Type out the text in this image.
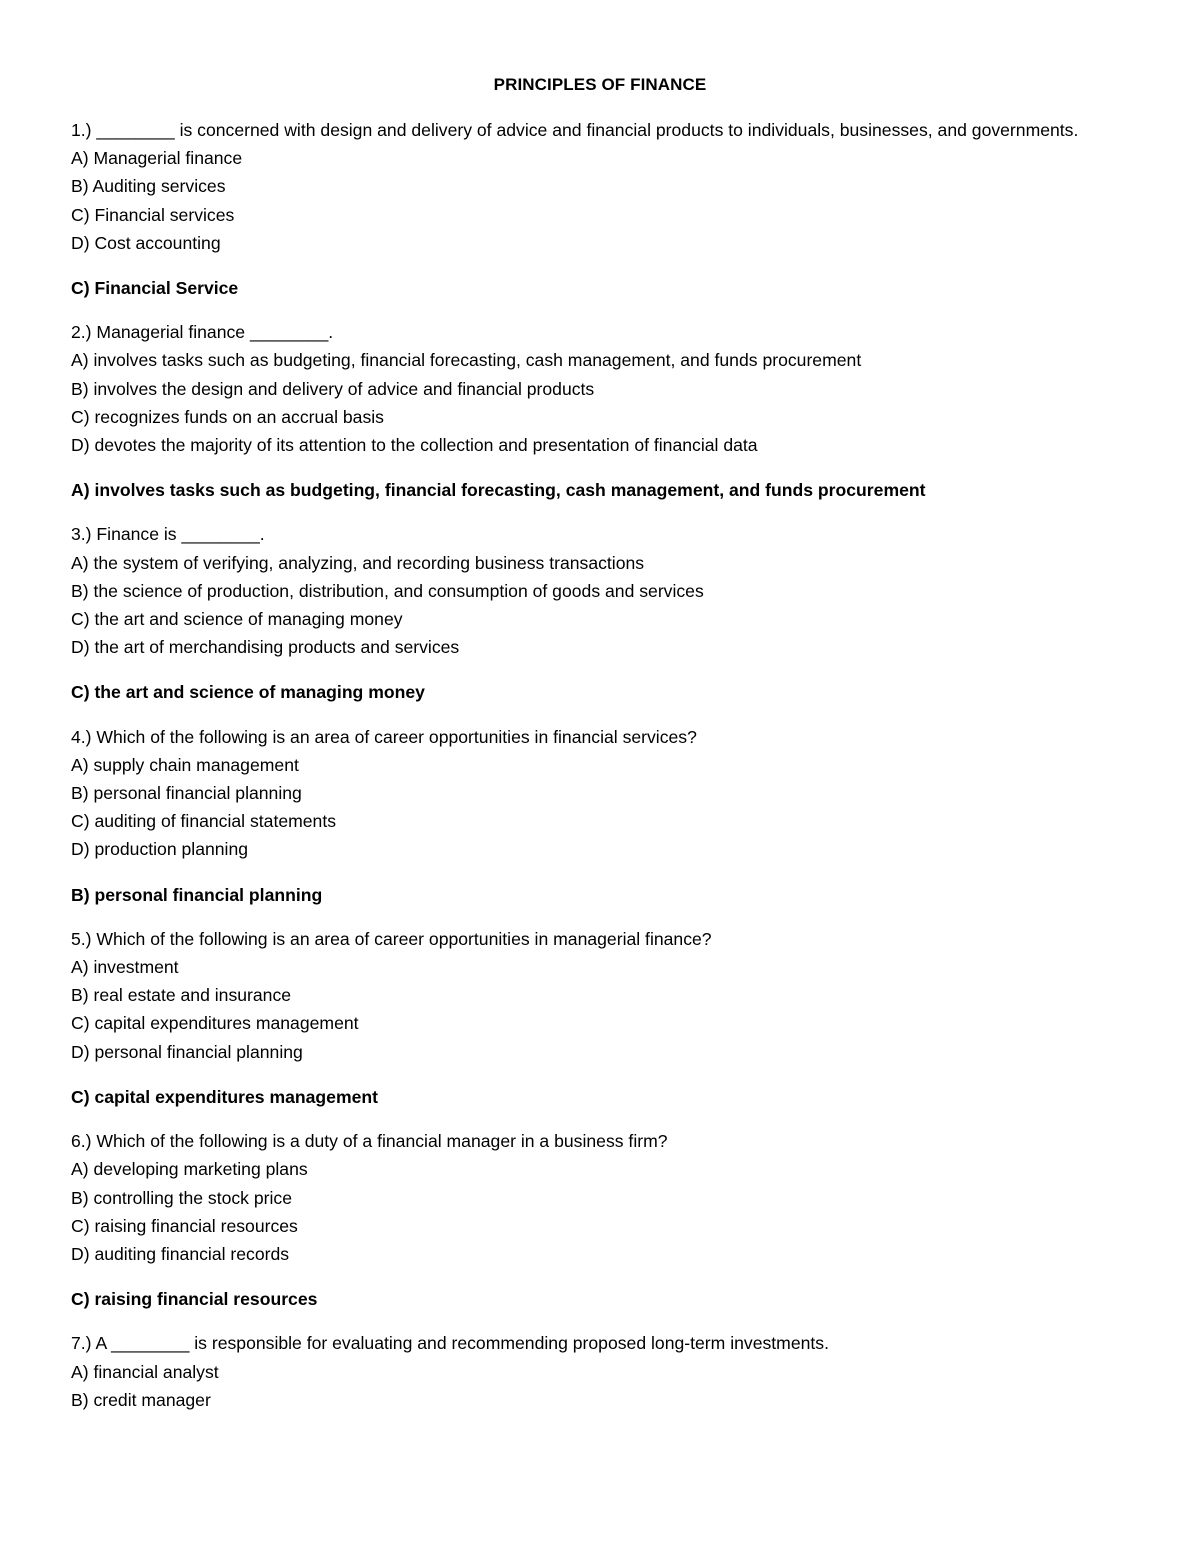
PRINCIPLES OF FINANCE
1.) ________ is concerned with design and delivery of advice and financial products to individuals, businesses, and governments.
A) Managerial finance
B) Auditing services
C) Financial services
D) Cost accounting
C) Financial Service
2.) Managerial finance ________.
A) involves tasks such as budgeting, financial forecasting, cash management, and funds procurement
B) involves the design and delivery of advice and financial products
C) recognizes funds on an accrual basis
D) devotes the majority of its attention to the collection and presentation of financial data
A) involves tasks such as budgeting, financial forecasting, cash management, and funds procurement
3.) Finance is ________.
A) the system of verifying, analyzing, and recording business transactions
B) the science of production, distribution, and consumption of goods and services
C) the art and science of managing money
D) the art of merchandising products and services
C) the art and science of managing money
4.) Which of the following is an area of career opportunities in financial services?
A) supply chain management
B) personal financial planning
C) auditing of financial statements
D) production planning
B) personal financial planning
5.) Which of the following is an area of career opportunities in managerial finance?
A) investment
B) real estate and insurance
C) capital expenditures management
D) personal financial planning
C) capital expenditures management
6.) Which of the following is a duty of a financial manager in a business firm?
A) developing marketing plans
B) controlling the stock price
C) raising financial resources
D) auditing financial records
C) raising financial resources
7.) A ________ is responsible for evaluating and recommending proposed long-term investments.
A) financial analyst
B) credit manager
